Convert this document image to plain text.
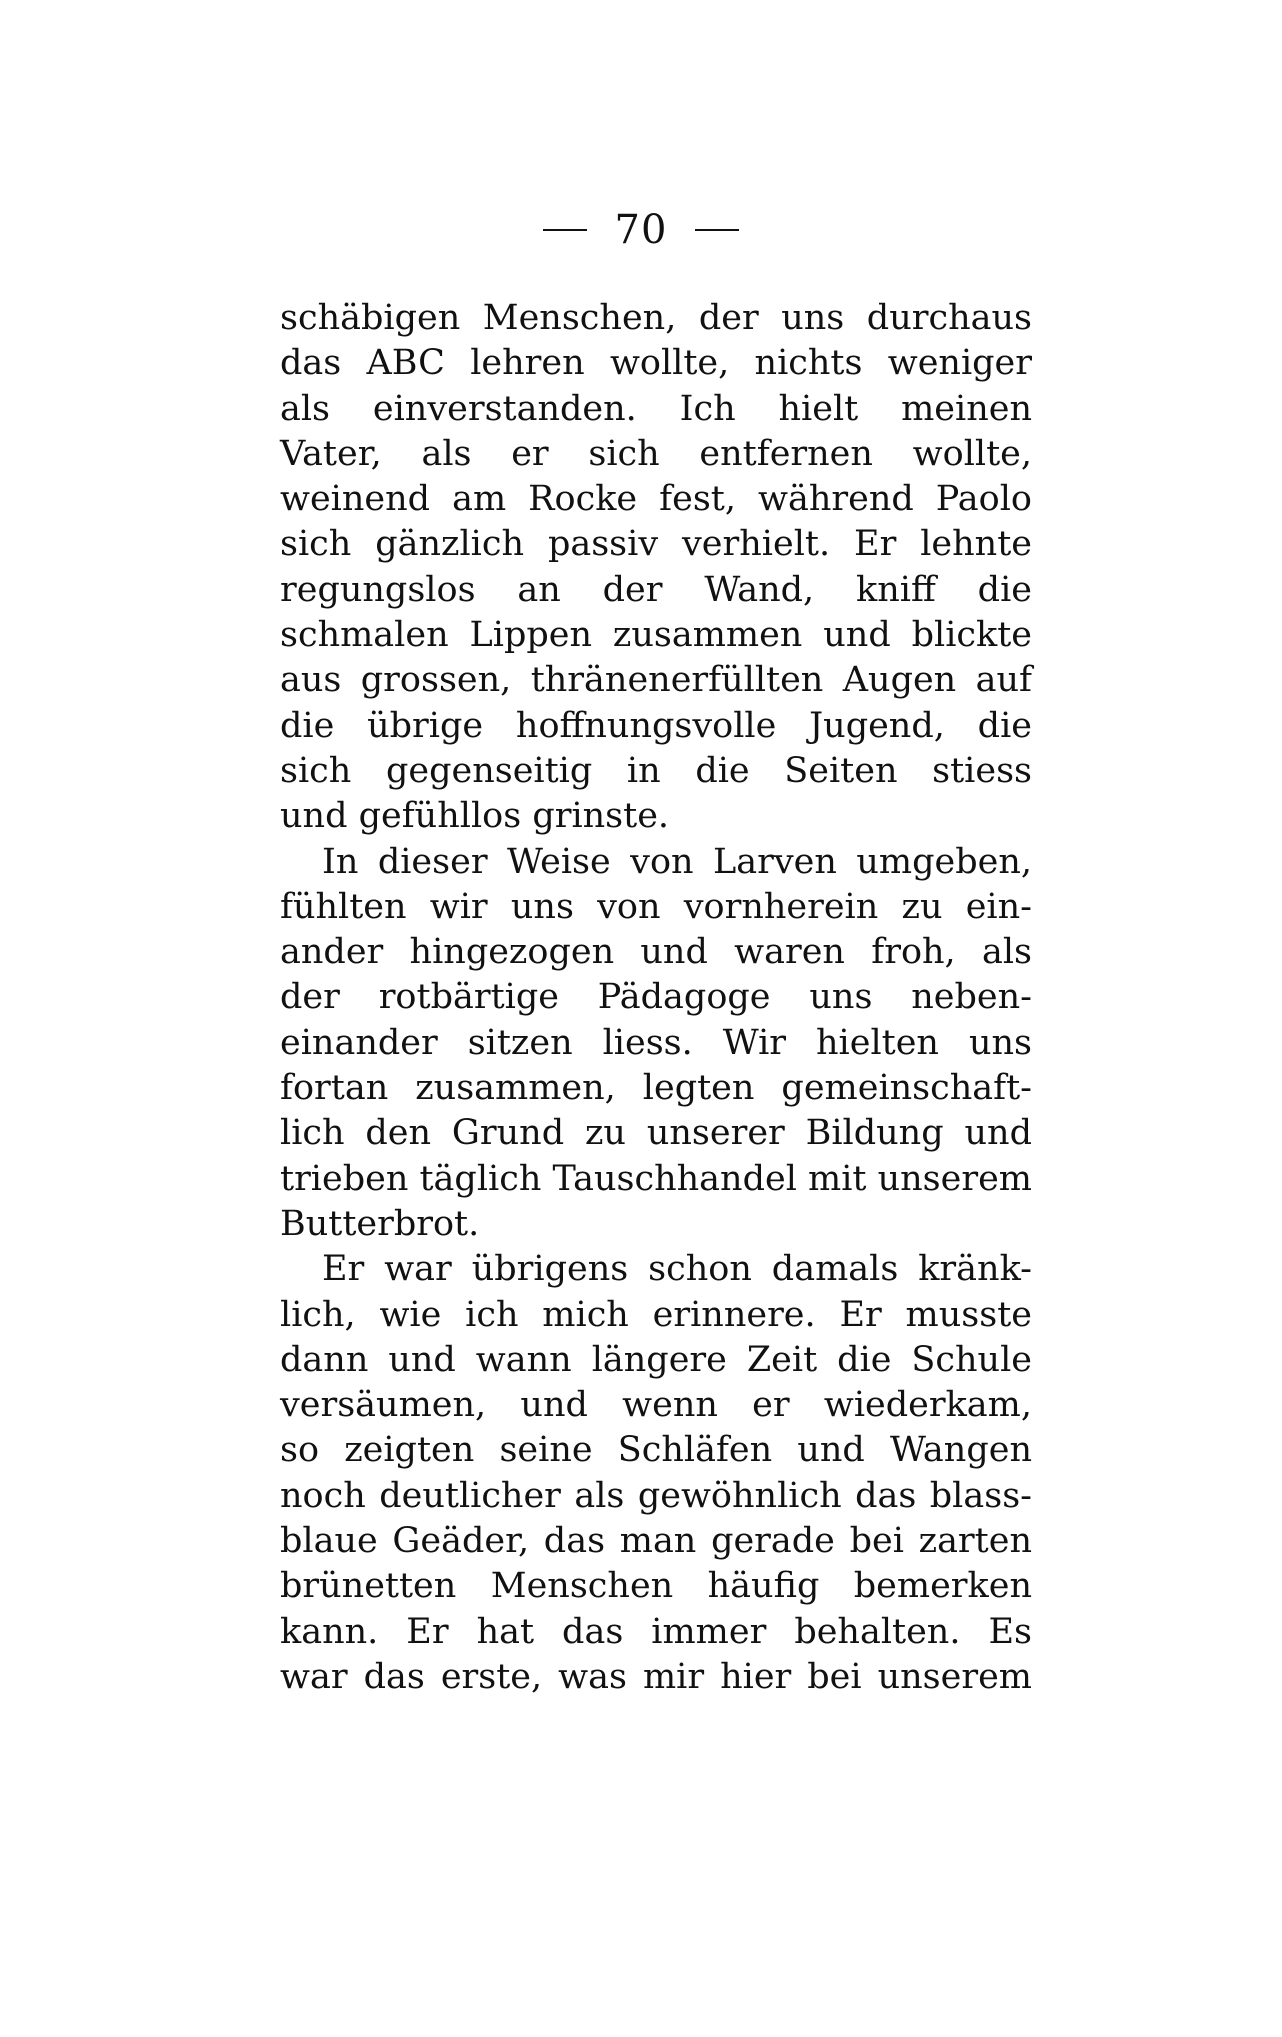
70
schäbigen Menschen, der uns durchaus
das ABC lehren wollte, nichts weniger
als einverstanden. Ich hielt meinen
Vater, als er sich entfernen wollte,
weinend am Rocke fest, während Paolo
sich gänzlich passiv verhielt. Er lehnte
regungslos an der Wand, kniff die
schmalen Lippen zusammen und blickte
aus grossen, thränenerfüllten Augen auf
die übrige hoffnungsvolle Jugend, die
sich gegenseitig in die Seiten stiess
und gefühllos grinste.
In dieser Weise von Larven umgeben,
fühlten wir uns von vornherein zu ein-
ander hingezogen und waren froh, als
der rotbärtige Pädagoge uns neben-
einander sitzen liess. Wir hielten uns
fortan zusammen, legten gemeinschaft-
lich den Grund zu unserer Bildung und
trieben täglich Tauschhandel mit unserem
Butterbrot.
Er war übrigens schon damals kränk-
lich, wie ich mich erinnere. Er musste
dann und wann längere Zeit die Schule
versäumen, und wenn er wiederkam,
so zeigten seine Schläfen und Wangen
noch deutlicher als gewöhnlich das blass-
blaue Geäder, das man gerade bei zarten
brünetten Menschen häufig bemerken
kann. Er hat das immer behalten. Es
war das erste, was mir hier bei unserem
